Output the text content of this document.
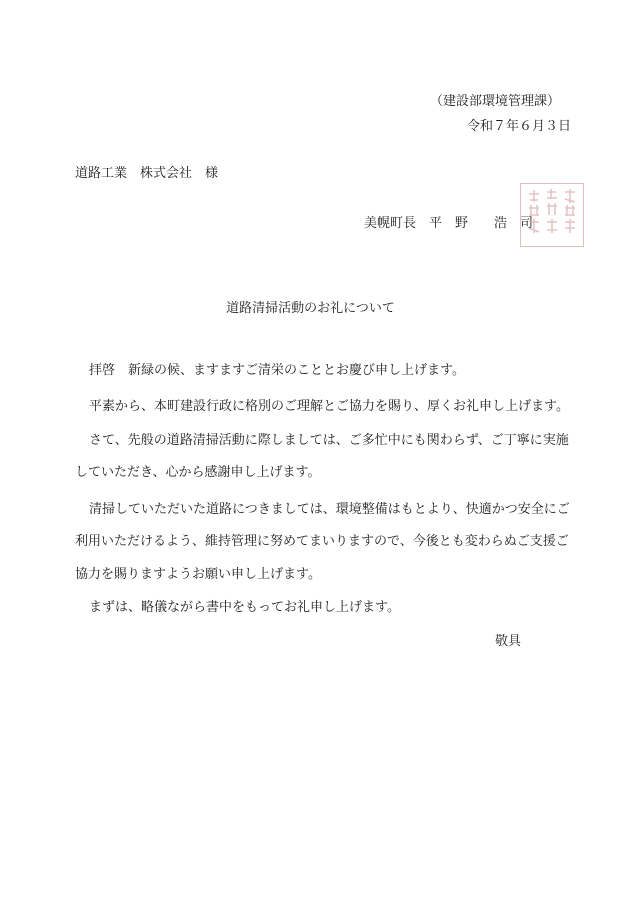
（建設部環境管理課）
令和７年６月３日
道路工業　株式会社　様
美幌町長　平　野　　浩　司
道路清掃活動のお礼について
拝啓　新緑の候、ますますご清栄のこととお慶び申し上げます。
平素から、本町建設行政に格別のご理解とご協力を賜り、厚くお礼申し上げます。
さて、先般の道路清掃活動に際しましては、ご多忙中にも関わらず、ご丁寧に実施
していただき、心から感謝申し上げます。
清掃していただいた道路につきましては、環境整備はもとより、快適かつ安全にご
利用いただけるよう、維持管理に努めてまいりますので、今後とも変わらぬご支援ご
協力を賜りますようお願い申し上げます。
まずは、略儀ながら書中をもってお礼申し上げます。
敬具
